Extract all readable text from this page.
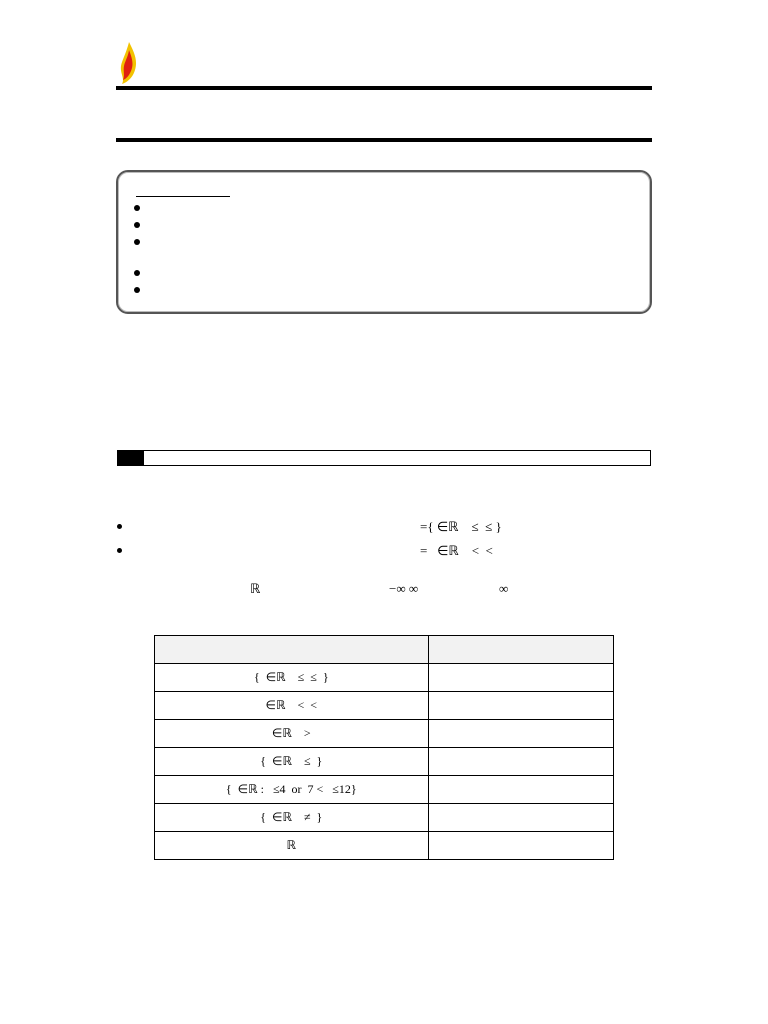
={ ∈ℝ    ≤  ≤ }
=   ∈ℝ    <  <
ℝ	−∞ ∞	∞

{  ∈ℝ    ≤  ≤  }	
∈ℝ    <  <	
∈ℝ    >	
{  ∈ℝ    ≤  }	
{  ∈ℝ :   ≤4  or  7 <   ≤12}	
{  ∈ℝ    ≠  }	
ℝ	
